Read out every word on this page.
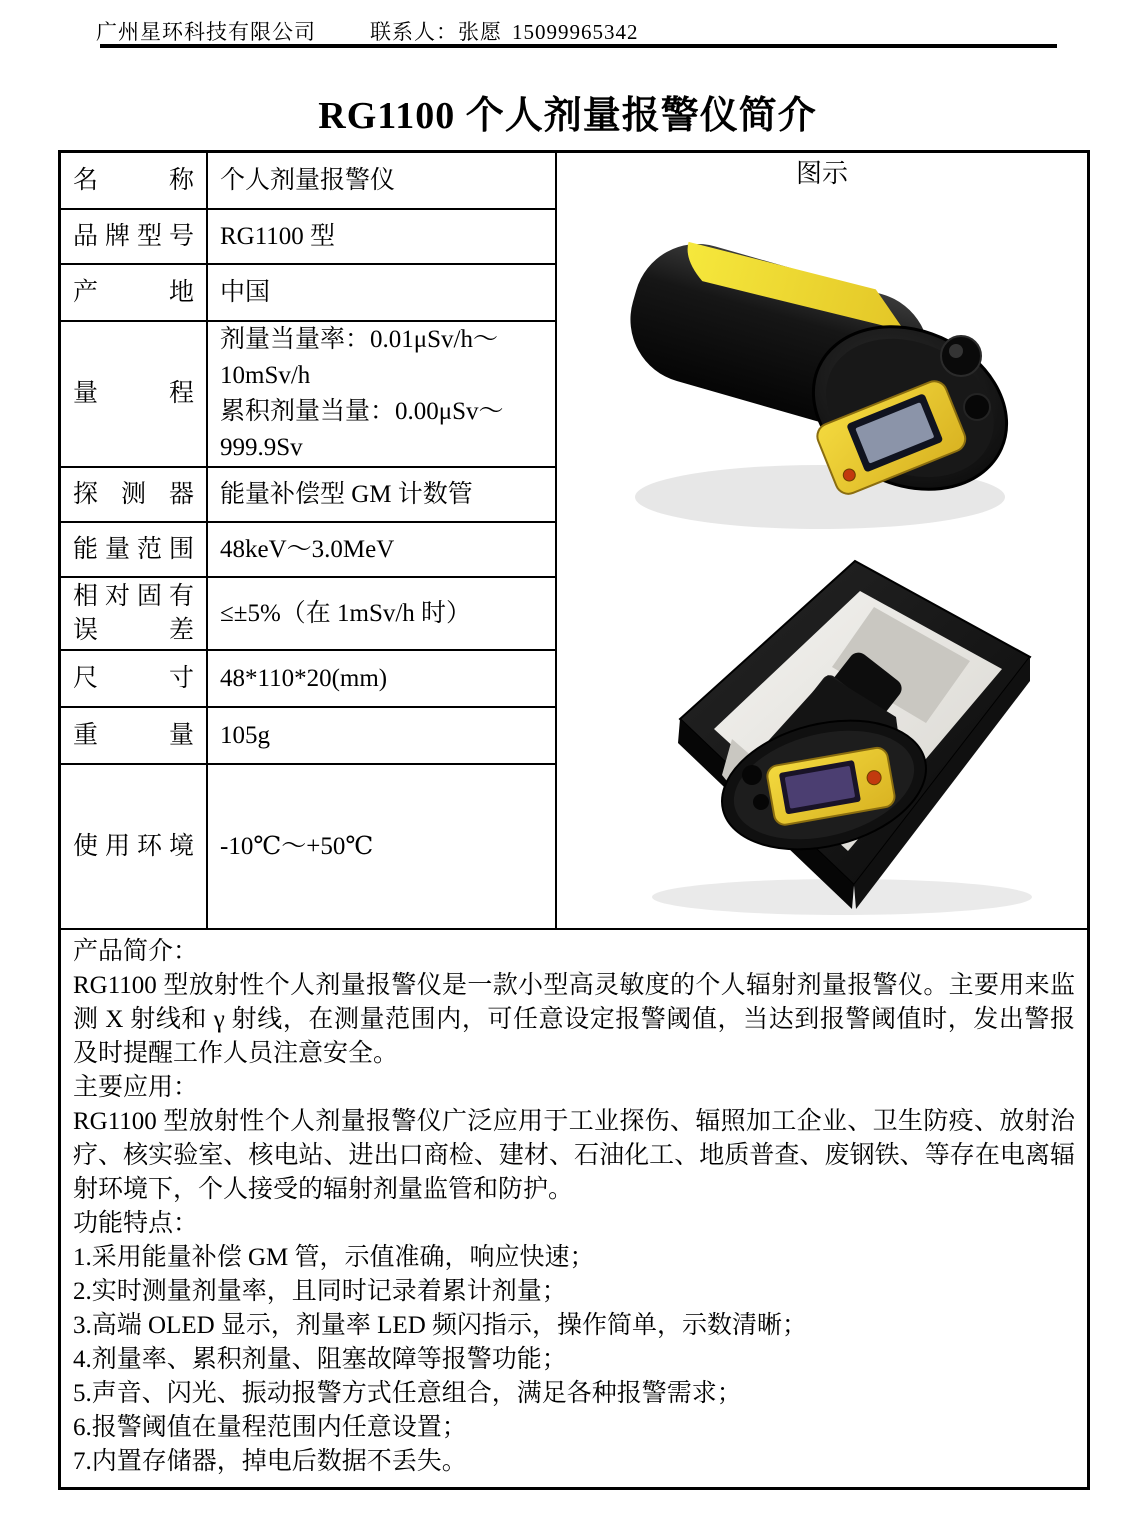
广州星环科技有限公司	联系人：张愿 15099965342
RG1100 个人剂量报警仪简介
名称 个人剂量报警仪
品牌型号 RG1100 型
产地 中国
量程
剂量当量率：0.01μSv/h～10mSv/h
累积剂量当量：0.00μSv～999.9Sv
探测器 能量补偿型 GM 计数管
能量范围 48keV～3.0MeV
相对固有误差
≤±5%（在 1mSv/h 时）
尺寸 48*110*20(mm)
重量 105g
使用环境 -10℃～+50℃
图示
产品简介：
RG1100 型放射性个人剂量报警仪是一款小型高灵敏度的个人辐射剂量报警仪。主要用来监测 X 射线和 γ 射线，在测量范围内，可任意设定报警阈值，当达到报警阈值时，发出警报及时提醒工作人员注意安全。
主要应用：
RG1100 型放射性个人剂量报警仪广泛应用于工业探伤、辐照加工企业、卫生防疫、放射治疗、核实验室、核电站、进出口商检、建材、石油化工、地质普查、废钢铁、等存在电离辐射环境下，个人接受的辐射剂量监管和防护。
功能特点：
1.采用能量补偿 GM 管，示值准确，响应快速；
2.实时测量剂量率，且同时记录着累计剂量；
3.高端 OLED 显示，剂量率 LED 频闪指示，操作简单，示数清晰；
4.剂量率、累积剂量、阻塞故障等报警功能；
5.声音、闪光、振动报警方式任意组合，满足各种报警需求；
6.报警阈值在量程范围内任意设置；
7.内置存储器，掉电后数据不丢失。
